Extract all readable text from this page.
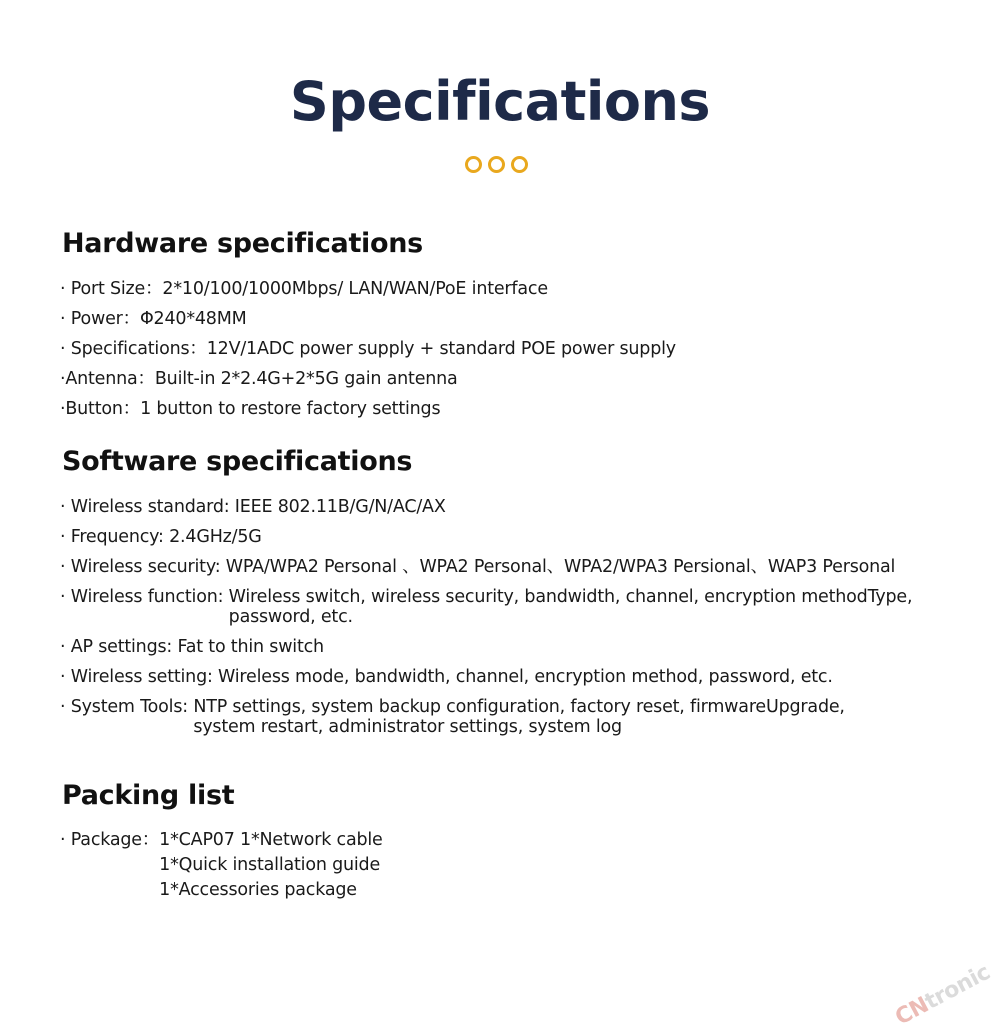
Specifications
Hardware specifications
· Port Size： 2*10/100/1000Mbps/ LAN/WAN/PoE interface
· Power： Φ240*48MM
· Specifications： 12V/1ADC power supply + standard POE power supply
·Antenna： Built-in 2*2.4G+2*5G gain antenna
·Button： 1 button to restore factory settings
Software specifications
· Wireless standard: IEEE 802.11B/G/N/AC/AX
· Frequency: 2.4GHz/5G
· Wireless security: WPA/WPA2 Personal 、WPA2 Personal、WPA2/WPA3 Persional、WAP3 Personal
· Wireless function: Wireless switch, wireless security, bandwidth, channel, encryption methodType,
password, etc.
· AP settings: Fat to thin switch
· Wireless setting: Wireless mode, bandwidth, channel, encryption method, password, etc.
· System Tools: NTP settings, system backup configuration, factory reset, firmwareUpgrade,
system restart, administrator settings, system log
Packing list
· Package： 1*CAP07 1*Network cable
1*Quick installation guide
1*Accessories package
CNtronic
